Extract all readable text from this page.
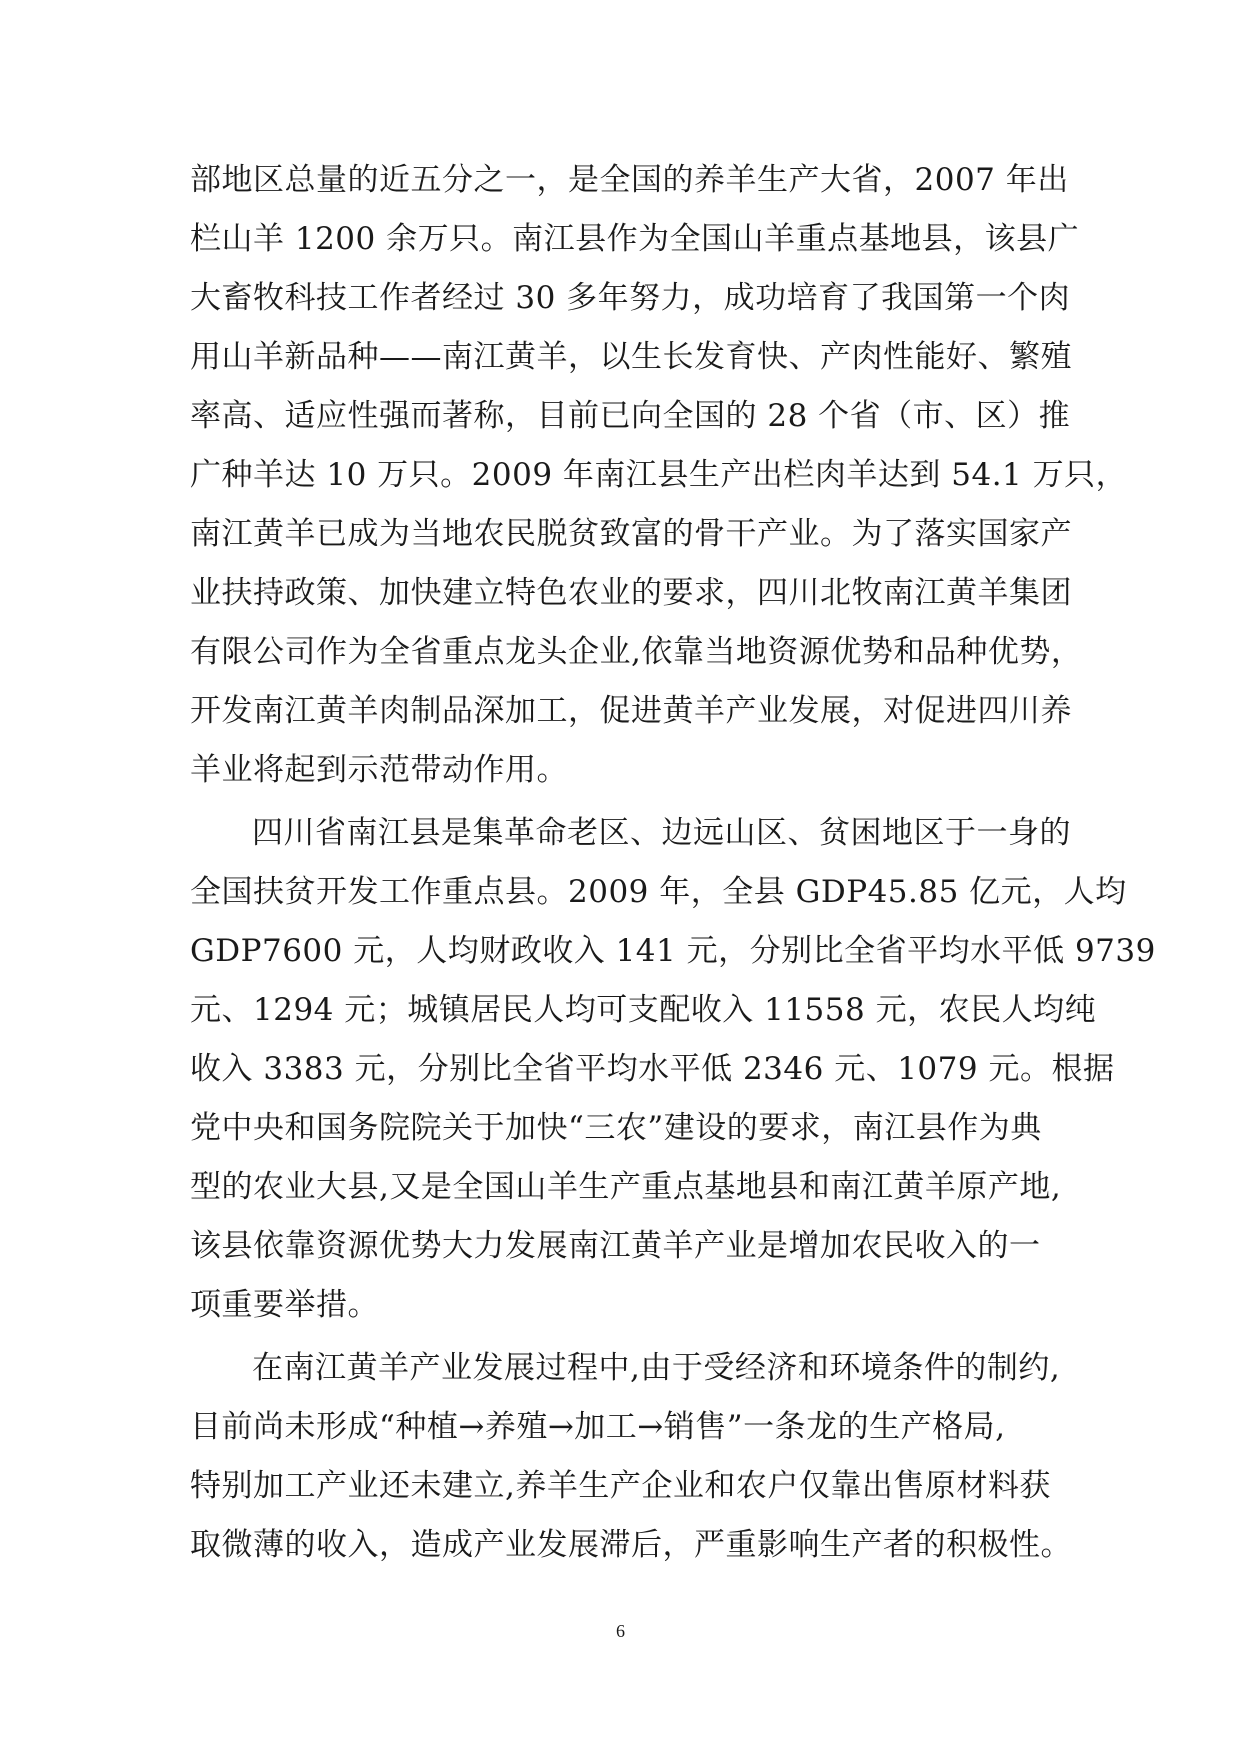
部地区总量的近五分之一，是全国的养羊生产大省，2007 年出
栏山羊 1200 余万只。南江县作为全国山羊重点基地县，该县广
大畜牧科技工作者经过 30 多年努力，成功培育了我国第一个肉
用山羊新品种——南江黄羊，以生长发育快、产肉性能好、繁殖
率高、适应性强而著称，目前已向全国的 28 个省（市、区）推
广种羊达 10 万只。2009 年南江县生产出栏肉羊达到 54.1 万只，
南江黄羊已成为当地农民脱贫致富的骨干产业。为了落实国家产
业扶持政策、加快建立特色农业的要求，四川北牧南江黄羊集团
有限公司作为全省重点龙头企业,依靠当地资源优势和品种优势，
开发南江黄羊肉制品深加工，促进黄羊产业发展，对促进四川养
羊业将起到示范带动作用。
四川省南江县是集革命老区、边远山区、贫困地区于一身的
全国扶贫开发工作重点县。2009 年，全县 GDP45.85 亿元，人均
GDP7600 元，人均财政收入 141 元，分别比全省平均水平低 9739
元、1294 元；城镇居民人均可支配收入 11558 元，农民人均纯
收入 3383 元，分别比全省平均水平低 2346 元、1079 元。根据
党中央和国务院院关于加快“三农”建设的要求，南江县作为典
型的农业大县,又是全国山羊生产重点基地县和南江黄羊原产地,
该县依靠资源优势大力发展南江黄羊产业是增加农民收入的一
项重要举措。
在南江黄羊产业发展过程中,由于受经济和环境条件的制约,
目前尚未形成“种植→养殖→加工→销售”一条龙的生产格局,
特别加工产业还未建立,养羊生产企业和农户仅靠出售原材料获
取微薄的收入，造成产业发展滞后，严重影响生产者的积极性。
6
